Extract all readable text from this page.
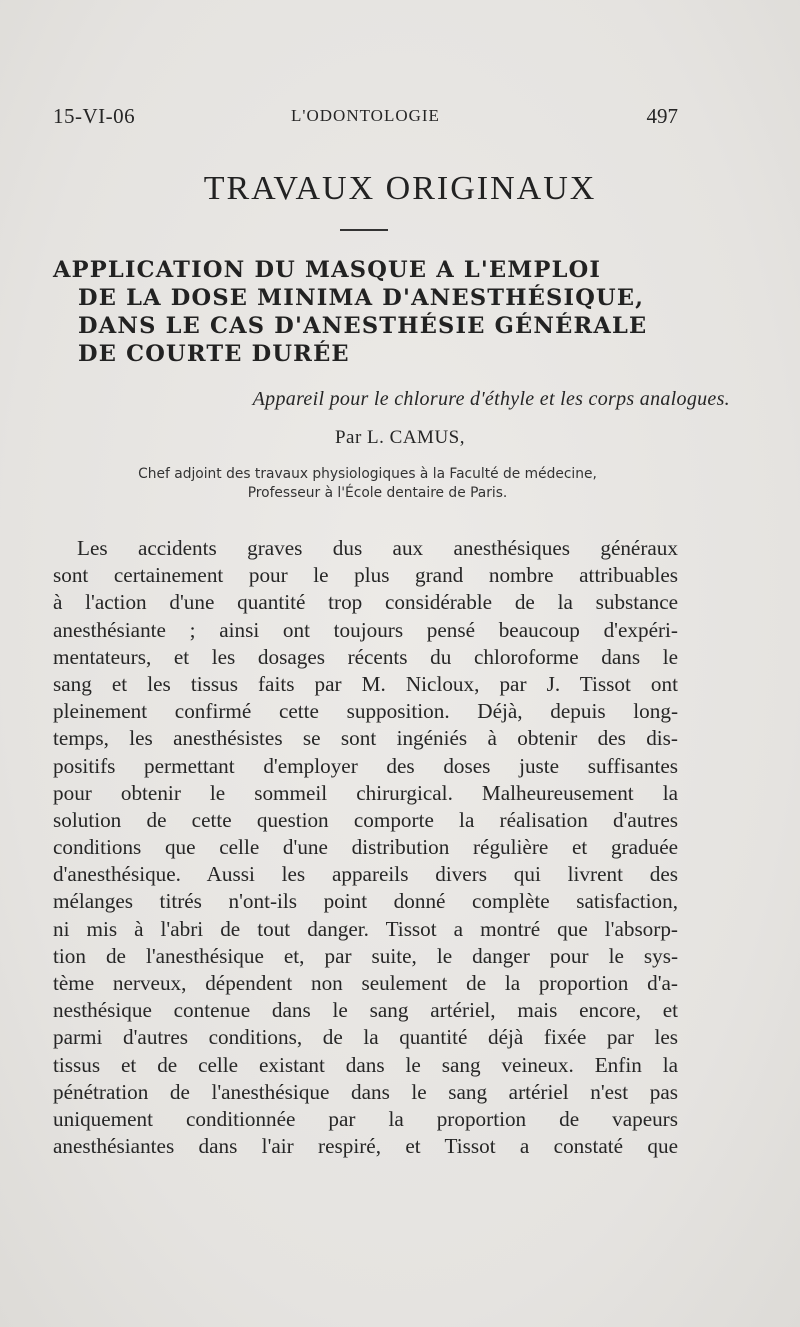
15-VI-06	L'ODONTOLOGIE	497
TRAVAUX ORIGINAUX
APPLICATION DU MASQUE A L'EMPLOI
DE LA DOSE MINIMA D'ANESTHÉSIQUE,
DANS LE CAS D'ANESTHÉSIE GÉNÉRALE
DE COURTE DURÉE
Appareil pour le chlorure d'éthyle et les corps analogues.
Par L. CAMUS,
Chef adjoint des travaux physiologiques à la Faculté de médecine,
Professeur à l'École dentaire de Paris.
Les accidents graves dus aux anesthésiques généraux
sont certainement pour le plus grand nombre attribuables
à l'action d'une quantité trop considérable de la substance
anesthésiante ; ainsi ont toujours pensé beaucoup d'expéri-
mentateurs, et les dosages récents du chloroforme dans le
sang et les tissus faits par M. Nicloux, par J. Tissot ont
pleinement confirmé cette supposition. Déjà, depuis long-
temps, les anesthésistes se sont ingéniés à obtenir des dis-
positifs permettant d'employer des doses juste suffisantes
pour obtenir le sommeil chirurgical. Malheureusement la
solution de cette question comporte la réalisation d'autres
conditions que celle d'une distribution régulière et graduée
d'anesthésique. Aussi les appareils divers qui livrent des
mélanges titrés n'ont-ils point donné complète satisfaction,
ni mis à l'abri de tout danger. Tissot a montré que l'absorp-
tion de l'anesthésique et, par suite, le danger pour le sys-
tème nerveux, dépendent non seulement de la proportion d'a-
nesthésique contenue dans le sang artériel, mais encore, et
parmi d'autres conditions, de la quantité déjà fixée par les
tissus et de celle existant dans le sang veineux. Enfin la
pénétration de l'anesthésique dans le sang artériel n'est pas
uniquement conditionnée par la proportion de vapeurs
anesthésiantes dans l'air respiré, et Tissot a constaté que
